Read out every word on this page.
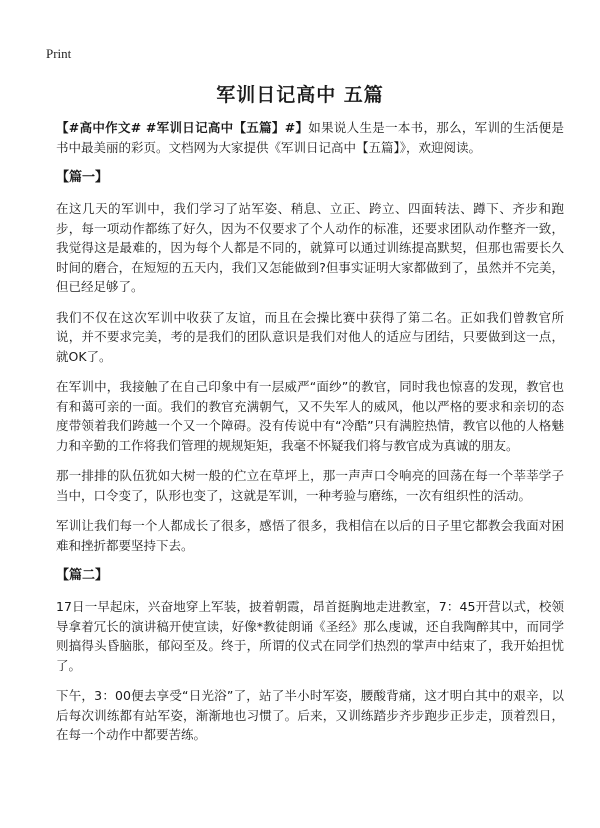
Print
军训日记高中 五篇

【#高中作文# #军训日记高中【五篇】#】如果说人生是一本书，那么，军训的生活便是书中最美丽的彩页。文档网为大家提供《军训日记高中【五篇】》，欢迎阅读。

【篇一】

在这几天的军训中，我们学习了站军姿、稍息、立正、跨立、四面转法、蹲下、齐步和跑步，每一项动作都练了好久，因为不仅要求了个人动作的标准，还要求团队动作整齐一致，我觉得这是最难的，因为每个人都是不同的，就算可以通过训练提高默契，但那也需要长久时间的磨合，在短短的五天内，我们又怎能做到?但事实证明大家都做到了，虽然并不完美，但已经足够了。

我们不仅在这次军训中收获了友谊，而且在会操比赛中获得了第二名。正如我们曾教官所说，并不要求完美，考的是我们的团队意识是我们对他人的适应与团结，只要做到这一点，就OK了。

在军训中，我接触了在自己印象中有一层威严“面纱”的教官，同时我也惊喜的发现，教官也有和蔼可亲的一面。我们的教官充满朝气，又不失军人的威风，他以严格的要求和亲切的态度带领着我们跨越一个又一个障碍。没有传说中有“冷酷”只有满腔热情，教官以他的人格魅力和辛勤的工作将我们管理的规规矩矩，我毫不怀疑我们将与教官成为真诚的朋友。

那一排排的队伍犹如大树一般的伫立在草坪上，那一声声口令响亮的回荡在每一个莘莘学子当中，口令变了，队形也变了，这就是军训，一种考验与磨练，一次有组织性的活动。

军训让我们每一个人都成长了很多，感悟了很多，我相信在以后的日子里它都教会我面对困难和挫折都要坚持下去。

【篇二】

17日一早起床，兴奋地穿上军装，披着朝霞，昂首挺胸地走进教室，7：45开营以式，校领导拿着冗长的演讲稿开使宣读，好像*教徒朗诵《圣经》那么虔诚，还自我陶醉其中，而同学则搞得头昏脑胀，郁闷至及。终于，所谓的仪式在同学们热烈的掌声中结束了，我开始担忧了。

下午，3：00便去享受“日光浴”了，站了半小时军姿，腰酸背痛，这才明白其中的艰辛，以后每次训练都有站军姿，渐渐地也习惯了。后来，又训练踏步齐步跑步正步走，顶着烈日，在每一个动作中都要苦练。
